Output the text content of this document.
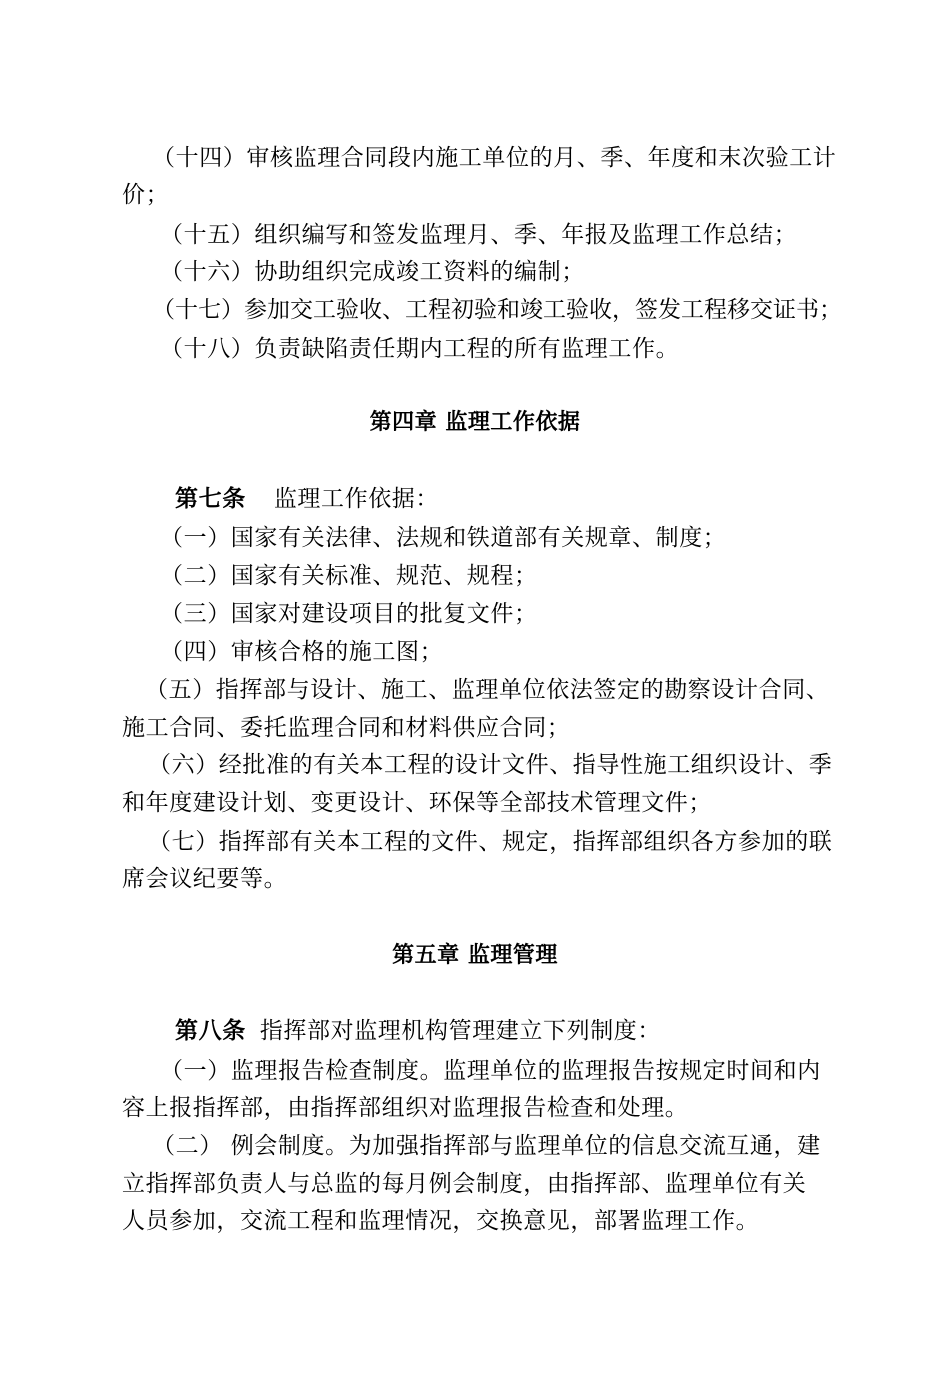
（十四）审核监理合同段内施工单位的月、季、年度和末次验工计
价；
（十五）组织编写和签发监理月、季、年报及监理工作总结；
（十六）协助组织完成竣工资料的编制；
（十七）参加交工验收、工程初验和竣工验收，签发工程移交证书；
（十八）负责缺陷责任期内工程的所有监理工作。
第四章 监理工作依据
第七条 监理工作依据：
（一）国家有关法律、法规和铁道部有关规章、制度；
（二）国家有关标准、规范、规程；
（三）国家对建设项目的批复文件；
（四）审核合格的施工图；
（五）指挥部与设计、施工、监理单位依法签定的勘察设计合同、
施工合同、委托监理合同和材料供应合同；
（六）经批准的有关本工程的设计文件、指导性施工组织设计、季
和年度建设计划、变更设计、环保等全部技术管理文件；
（七）指挥部有关本工程的文件、规定，指挥部组织各方参加的联
席会议纪要等。
第五章 监理管理
第八条 指挥部对监理机构管理建立下列制度：
（一）监理报告检查制度。监理单位的监理报告按规定时间和内
容上报指挥部，由指挥部组织对监理报告检查和处理。
（二） 例会制度。为加强指挥部与监理单位的信息交流互通，建
立指挥部负责人与总监的每月例会制度，由指挥部、监理单位有关
人员参加，交流工程和监理情况，交换意见，部署监理工作。
